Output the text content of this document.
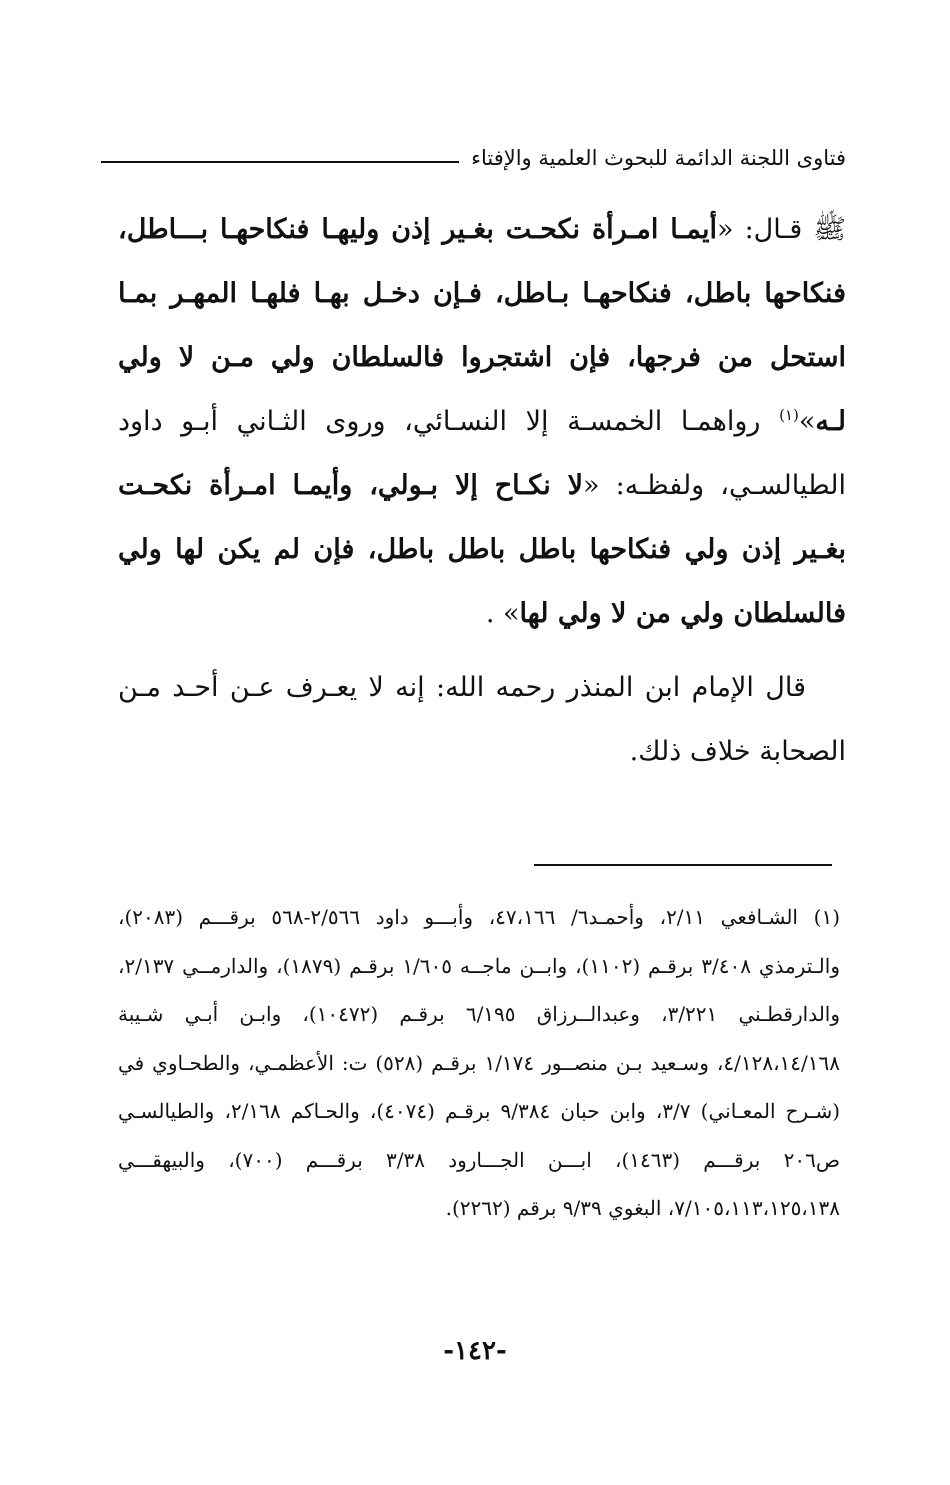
فتاوى اللجنة الدائمة للبحوث العلمية والإفتاء

ﷺ قـال: «أيمـا امـرأة نكحـت بغـير إذن وليهـا فنكاحهـا بـــاطل، فنكاحها باطل، فنكاحهـا بـاطل، فـإن دخـل بهـا فلهـا المهـر بمـا استحل من فرجها، فإن اشتجروا فالسلطان ولي مـن لا ولي لـه»$^{(١)}$ رواهمـا الخمسـة إلا النسـائي، وروى الثـاني أبـو داود الطيالسـي، ولفظـه: «لا نكـاح إلا بـولي، وأيمـا امـرأة نكحـت بغـير إذن ولي فنكاحها باطل باطل باطل، فإن لم يكن لها ولي فالسلطان ولي من لا ولي لها» .

قال الإمام ابن المنذر رحمه الله: إنه لا يعـرف عـن أحـد مـن الصحابة خلاف ذلك.

(١) الشـافعي ٢/١١، وأحمـد٦/ ٤٧،١٦٦، وأبـــو داود ٢/٥٦٦-٥٦٨ برقـــم (٢٠٨٣)، والـترمذي ٣/٤٠٨ برقـم (١١٠٢)، وابــن ماجــه ١/٦٠٥ برقـم (١٨٧٩)، والدارمــي ٢/١٣٧، والدارقطـني ٣/٢٢١، وعبدالــرزاق ٦/١٩٥ برقـم (١٠٤٧٢)، وابـن أبـي شـيبة ٤/١٢٨،١٤/١٦٨، وسـعيد بـن منصــور ١/١٧٤ برقـم (٥٢٨) ت: الأعظمـي، والطحـاوي في (شـرح المعـاني) ٣/٧، وابن حبان ٩/٣٨٤ برقـم (٤٠٧٤)، والحـاكم ٢/١٦٨، والطيالسـي ص٢٠٦ برقـــم (١٤٦٣)، ابـــن الجـــارود ٣/٣٨ برقـــم (٧٠٠)، والبيهقـــي ٧/١٠٥،١١٣،١٢٥،١٣٨، البغوي ٩/٣٩ برقم (٢٢٦٢).

-١٤٢-
